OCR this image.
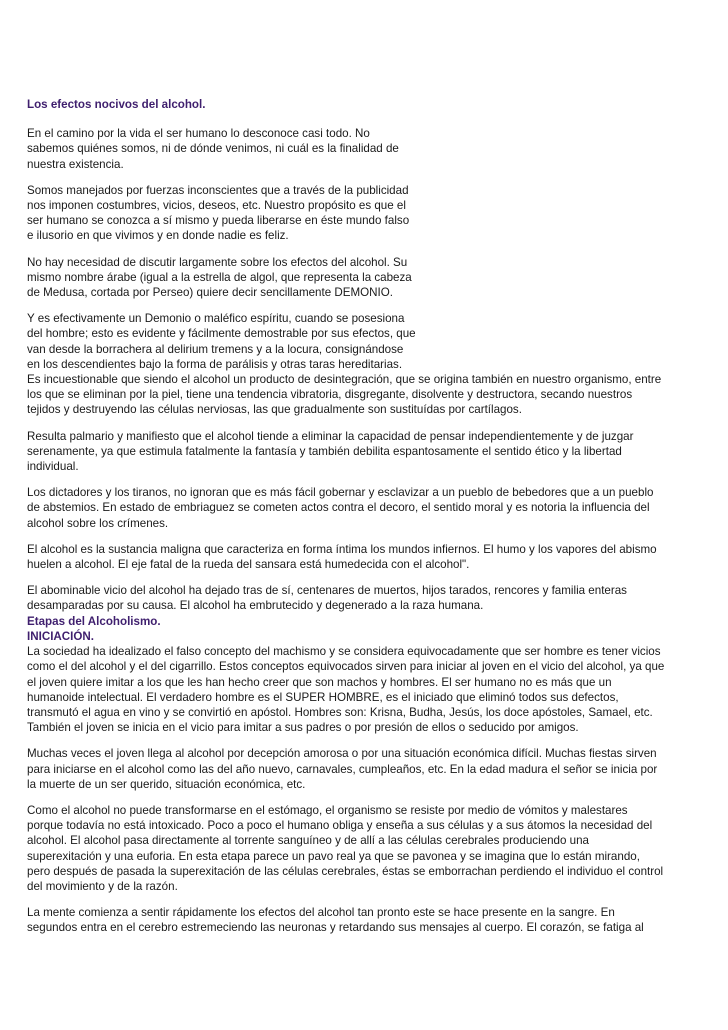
Los efectos nocivos del alcohol.

En el camino por la vida el ser humano lo desconoce casi todo. No
sabemos quiénes somos, ni de dónde venimos, ni cuál es la finalidad de
nuestra existencia.

Somos manejados por fuerzas inconscientes que a través de la publicidad
nos imponen costumbres, vicios, deseos, etc. Nuestro propósito es que el
ser humano se conozca a sí mismo y pueda liberarse en éste mundo falso
e ilusorio en que vivimos y en donde nadie es feliz.

No hay necesidad de discutir largamente sobre los efectos del alcohol. Su
mismo nombre árabe (igual a la estrella de algol, que representa la cabeza
de Medusa, cortada por Perseo) quiere decir sencillamente DEMONIO.

Y es efectivamente un Demonio o maléfico espíritu, cuando se posesiona
del hombre; esto es evidente y fácilmente demostrable por sus efectos, que
van desde la borrachera al delirium tremens y a la locura, consignándose
en los descendientes bajo la forma de parálisis y otras taras hereditarias.
Es incuestionable que siendo el alcohol un producto de desintegración, que se origina también en nuestro organismo, entre
los que se eliminan por la piel, tiene una tendencia vibratoria, disgregante, disolvente y destructora, secando nuestros
tejidos y destruyendo las células nerviosas, las que gradualmente son sustituídas por cartílagos.

Resulta palmario y manifiesto que el alcohol tiende a eliminar la capacidad de pensar independientemente y de juzgar
serenamente, ya que estimula fatalmente la fantasía y también debilita espantosamente el sentido ético y la libertad
individual.

Los dictadores y los tiranos, no ignoran que es más fácil gobernar y esclavizar a un pueblo de bebedores que a un pueblo
de abstemios. En estado de embriaguez se cometen actos contra el decoro, el sentido moral y es notoria la influencia del
alcohol sobre los crímenes.

El alcohol es la sustancia maligna que caracteriza en forma íntima los mundos infiernos. El humo y los vapores del abismo
huelen a alcohol. El eje fatal de la rueda del sansara está humedecida con el alcohol".

El abominable vicio del alcohol ha dejado tras de sí, centenares de muertos, hijos tarados, rencores y familia enteras
desamparadas por su causa. El alcohol ha embrutecido y degenerado a la raza humana.
Etapas del Alcoholismo.
INICIACIÓN.
La sociedad ha idealizado el falso concepto del machismo y se considera equivocadamente que ser hombre es tener vicios
como el del alcohol y el del cigarrillo. Estos conceptos equivocados sirven para iniciar al joven en el vicio del alcohol, ya que
el joven quiere imitar a los que les han hecho creer que son machos y hombres. El ser humano no es más que un
humanoide intelectual. El verdadero hombre es el SUPER HOMBRE, es el iniciado que eliminó todos sus defectos,
transmutó el agua en vino y se convirtió en apóstol. Hombres son: Krisna, Budha, Jesús, los doce apóstoles, Samael, etc.
También el joven se inicia en el vicio para imitar a sus padres o por presión de ellos o seducido por amigos.

Muchas veces el joven llega al alcohol por decepción amorosa o por una situación económica difícil. Muchas fiestas sirven
para iniciarse en el alcohol como las del año nuevo, carnavales, cumpleaños, etc. En la edad madura el señor se inicia por
la muerte de un ser querido, situación económica, etc.

Como el alcohol no puede transformarse en el estómago, el organismo se resiste por medio de vómitos y malestares
porque todavía no está intoxicado. Poco a poco el humano obliga y enseña a sus células y a sus átomos la necesidad del
alcohol. El alcohol pasa directamente al torrente sanguíneo y de allí a las células cerebrales produciendo una
superexitación y una euforia. En esta etapa parece un pavo real ya que se pavonea y se imagina que lo están mirando,
pero después de pasada la superexitación de las células cerebrales, éstas se emborrachan perdiendo el individuo el control
del movimiento y de la razón.

La mente comienza a sentir rápidamente los efectos del alcohol tan pronto este se hace presente en la sangre. En
segundos entra en el cerebro estremeciendo las neuronas y retardando sus mensajes al cuerpo. El corazón, se fatiga al
